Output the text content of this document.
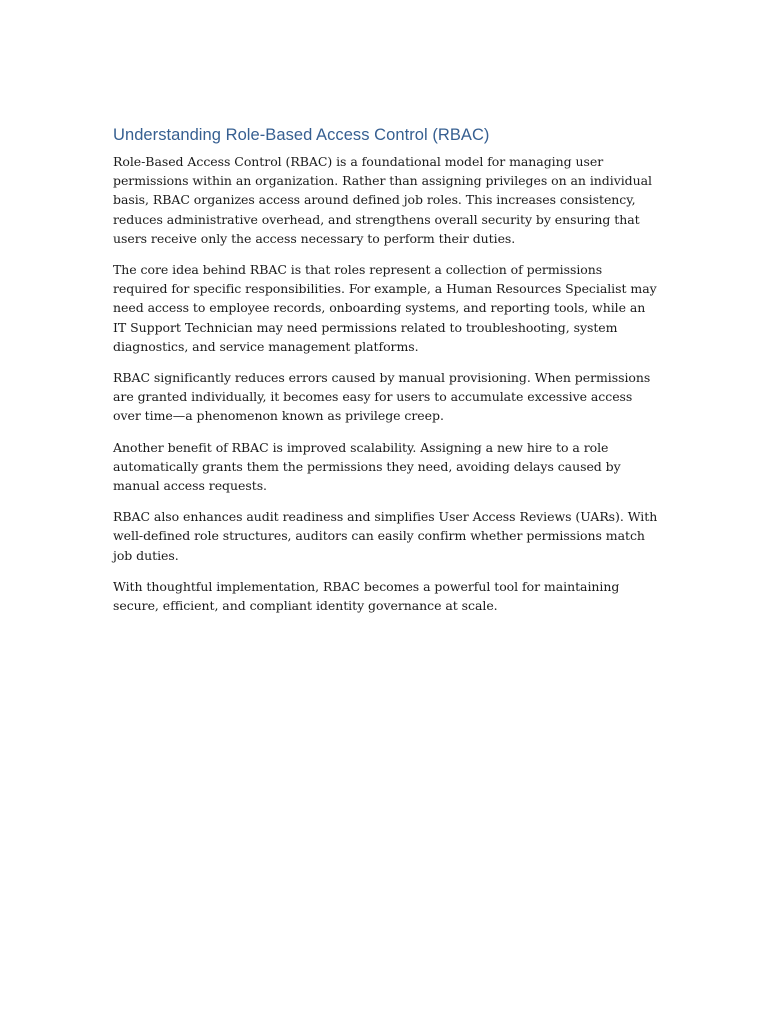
Understanding Role-Based Access Control (RBAC)

Role-Based Access Control (RBAC) is a foundational model for managing user permissions within an organization. Rather than assigning privileges on an individual basis, RBAC organizes access around defined job roles. This increases consistency, reduces administrative overhead, and strengthens overall security by ensuring that users receive only the access necessary to perform their duties.

The core idea behind RBAC is that roles represent a collection of permissions required for specific responsibilities. For example, a Human Resources Specialist may need access to employee records, onboarding systems, and reporting tools, while an IT Support Technician may need permissions related to troubleshooting, system diagnostics, and service management platforms.

RBAC significantly reduces errors caused by manual provisioning. When permissions are granted individually, it becomes easy for users to accumulate excessive access over time—a phenomenon known as privilege creep.

Another benefit of RBAC is improved scalability. Assigning a new hire to a role automatically grants them the permissions they need, avoiding delays caused by manual access requests.

RBAC also enhances audit readiness and simplifies User Access Reviews (UARs). With well-defined role structures, auditors can easily confirm whether permissions match job duties.

With thoughtful implementation, RBAC becomes a powerful tool for maintaining secure, efficient, and compliant identity governance at scale.
